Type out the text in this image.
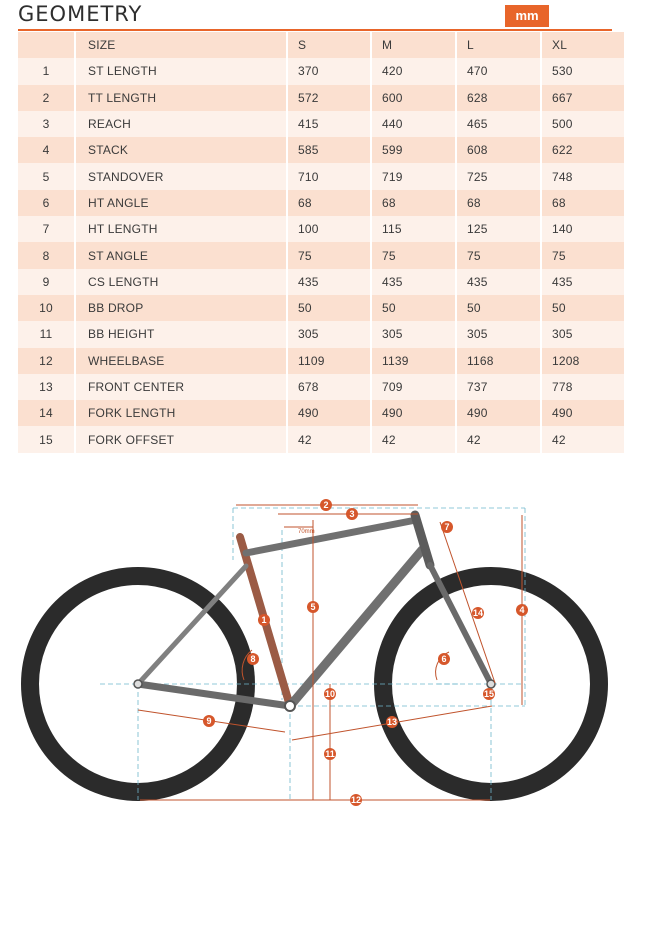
GEOMETRY	mm
	SIZE	S	M	L	XL
1	ST LENGTH	370	420	470	530
2	TT LENGTH	572	600	628	667
3	REACH	415	440	465	500
4	STACK	585	599	608	622
5	STANDOVER	710	719	725	748
6	HT ANGLE	68	68	68	68
7	HT LENGTH	100	115	125	140
8	ST ANGLE	75	75	75	75
9	CS LENGTH	435	435	435	435
10	BB DROP	50	50	50	50
11	BB HEIGHT	305	305	305	305
12	WHEELBASE	1109	1139	1168	1208
13	FRONT CENTER	678	709	737	778
14	FORK LENGTH	490	490	490	490
15	FORK OFFSET	42	42	42	42
70mm
1
2
3
4
5
6
7
8
9
10
11
12
13
14
15
